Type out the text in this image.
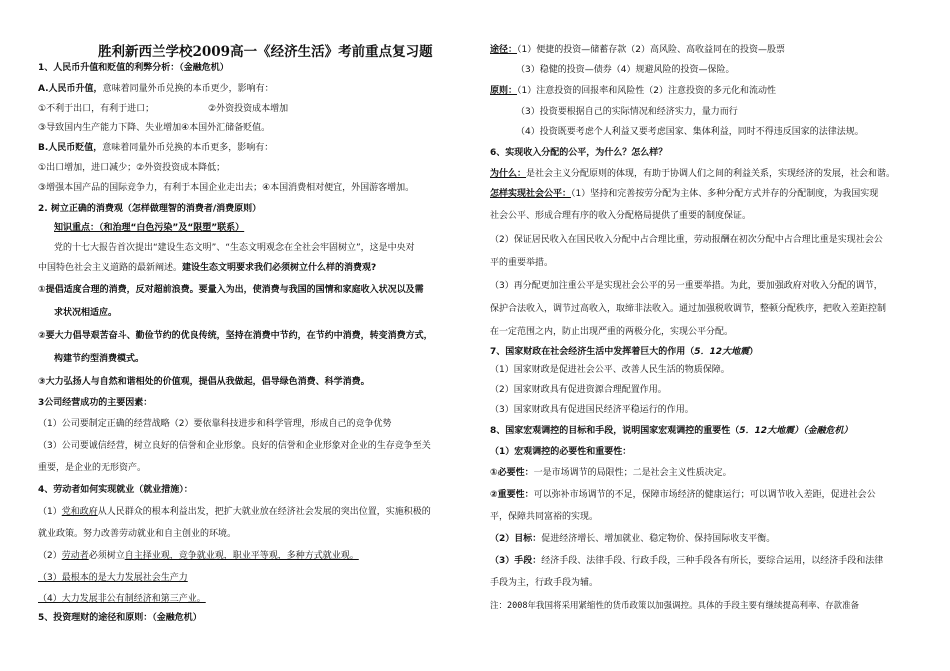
胜利新西兰学校2009高一《经济生活》考前重点复习题
1、人民币升值和贬值的利弊分析：（金融危机）
A.人民币升值，意味着同量外币兑换的本币更少，影响有：
①不利于出口，有利于进口；	②外资投资成本增加
③导致国内生产能力下降、失业增加④本国外汇储备贬值。
B.人民币贬值，意味着同量外币兑换的本币更多，影响有：
①出口增加，进口减少；②外资投资成本降低；
③增强本国产品的国际竞争力，有利于本国企业走出去；④本国消费相对便宜，外国游客增加。
2. 树立正确的消费观（怎样做理智的消费者/消费原则）
知识重点：（和治理“白色污染”及“限塑”联系）
党的十七大报告首次提出“建设生态文明”、“生态文明观念在全社会牢固树立”，这是中央对
中国特色社会主义道路的最新阐述。建设生态文明要求我们必须树立什么样的消费观?
①提倡适度合理的消费，反对超前浪费。要量入为出，使消费与我国的国情和家庭收入状况以及需
求状况相适应。
②要大力倡导艰苦奋斗、勤俭节约的优良传统，坚持在消费中节约，在节约中消费，转变消费方式，
构建节约型消费模式。
③大力弘扬人与自然和谐相处的价值观，提倡从我做起，倡导绿色消费、科学消费。
3公司经营成功的主要因素：
（1）公司要制定正确的经营战略（2）要依靠科技进步和科学管理，形成自己的竞争优势
（3）公司要诚信经营，树立良好的信誉和企业形象。良好的信誉和企业形象对企业的生存竞争至关
重要，是企业的无形资产。
4、劳动者如何实现就业（就业措施）：
（1）党和政府从人民群众的根本利益出发，把扩大就业放在经济社会发展的突出位置，实施积极的
就业政策。努力改善劳动就业和自主创业的环境。
（2）劳动者必须树立自主择业观，竞争就业观，职业平等观，多种方式就业观。
（3）最根本的是大力发展社会生产力
（4）大力发展非公有制经济和第三产业。
5、投资理财的途径和原则：（金融危机）
途径：（1）便捷的投资—储蓄存款（2）高风险、高收益同在的投资—股票
（3）稳健的投资—债券（4）规避风险的投资—保险。
原则：（1）注意投资的回报率和风险性（2）注意投资的多元化和流动性
（3）投资要根据自己的实际情况和经济实力，量力而行
（4）投资既要考虑个人利益又要考虑国家、集体利益，同时不得违反国家的法律法规。
6、实现收入分配的公平，为什么？怎么样？
为什么：是社会主义分配原则的体现，有助于协调人们之间的利益关系，实现经济的发展，社会和谐。
怎样实现社会公平：（1）坚持和完善按劳分配为主体、多种分配方式并存的分配制度，为我国实现
社会公平、形成合理有序的收入分配格局提供了重要的制度保证。
（2）保证居民收入在国民收入分配中占合理比重，劳动报酬在初次分配中占合理比重是实现社会公
平的重要举措。
（3）再分配更加注重公平是实现社会公平的另一重要举措。为此，要加强政府对收入分配的调节，
保护合法收入，调节过高收入，取缔非法收入。通过加强税收调节，整顿分配秩序，把收入差距控制
在一定范围之内，防止出现严重的两极分化，实现公平分配。
7、国家财政在社会经济生活中发挥着巨大的作用（5．12大地震）
（1）国家财政是促进社会公平、改善人民生活的物质保障。
（2）国家财政具有促进资源合理配置作用。
（3）国家财政具有促进国民经济平稳运行的作用。
8、国家宏观调控的目标和手段，说明国家宏观调控的重要性（5．12大地震）（金融危机）
（1）宏观调控的必要性和重要性：
①必要性：一是市场调节的局限性；二是社会主义性质决定。
②重要性：可以弥补市场调节的不足，保障市场经济的健康运行；可以调节收入差距，促进社会公
平，保障共同富裕的实现。
（2）目标：促进经济增长、增加就业、稳定物价、保持国际收支平衡。
（3）手段：经济手段、法律手段、行政手段，三种手段各有所长，要综合运用，以经济手段和法律
手段为主，行政手段为辅。
注：2008年我国将采用紧缩性的货币政策以加强调控。具体的手段主要有继续提高利率、存款准备
